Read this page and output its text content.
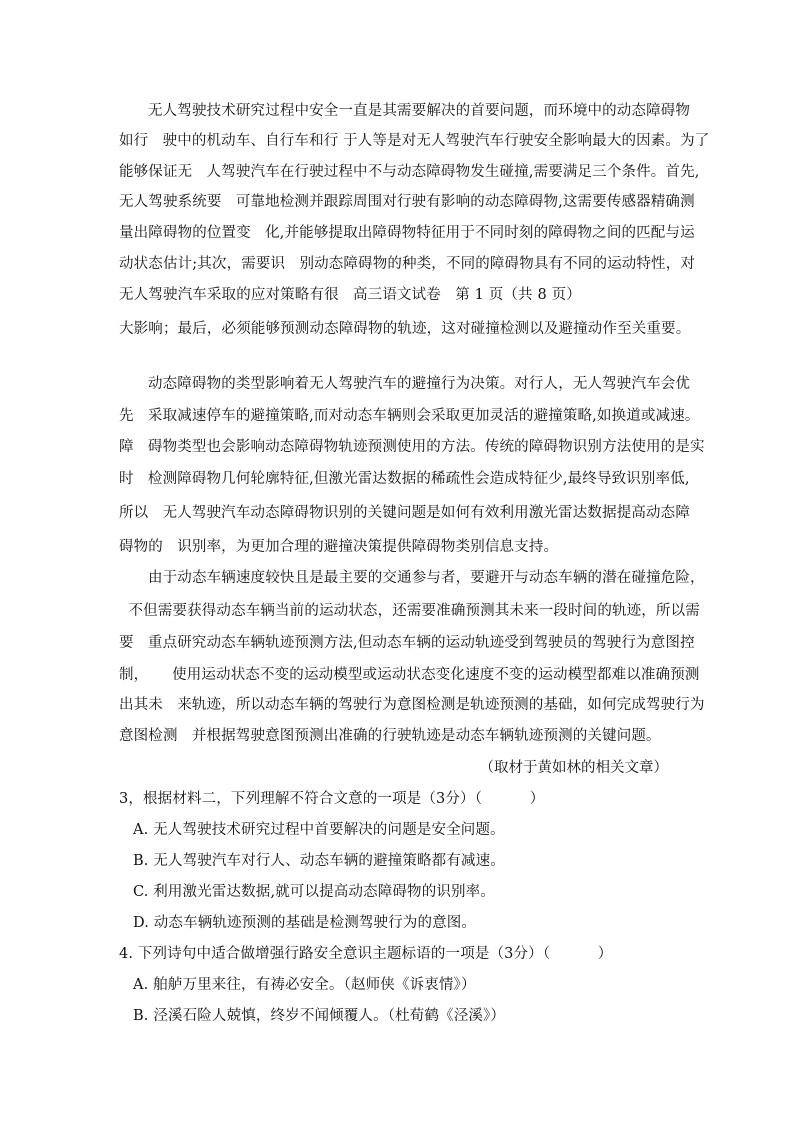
无人驾驶技术研究过程中安全一直是其需要解决的首要问题，而环境中的动态障碍物
如行   驶中的机动车、自行车和行 于人等是对无人驾驶汽车行驶安全影响最大的因素。为了
能够保证无   人驾驶汽车在行驶过程中不与动态障碍物发生碰撞,需要满足三个条件。首先,
无人驾驶系统要   可靠地检测并跟踪周围对行驶有影响的动态障碍物,这需要传感器精确测
量出障碍物的位置变   化,并能够提取出障碍物特征用于不同时刻的障碍物之间的匹配与运
动状态估计;其次，需要识   别动态障碍物的种类，不同的障碍物具有不同的运动特性，对
无人驾驶汽车采取的应对策略有很   高三语文试卷   第 1 页（共 8 页）
大影响；最后，必须能够预测动态障碍物的轨迹，这对碰撞检测以及避撞动作至关重要。
动态障碍物的类型影响着无人驾驶汽车的避撞行为决策。对行人，无人驾驶汽车会优
先   采取减速停车的避撞策略,而对动态车辆则会采取更加灵活的避撞策略,如换道或减速。
障   碍物类型也会影响动态障碍物轨迹预测使用的方法。传统的障碍物识别方法使用的是实
时   检测障碍物几何轮廓特征,但激光雷达数据的稀疏性会造成特征少,最终导致识别率低,
所以   无人驾驶汽车动态障碍物识别的关键问题是如何有效利用激光雷达数据提高动态障
碍物的   识别率，为更加合理的避撞决策提供障碍物类别信息支持。
由于动态车辆速度较快且是最主要的交通参与者，要避开与动态车辆的潜在碰撞危险，
不但需要获得动态车辆当前的运动状态，还需要准确预测其未来一段时间的轨迹，所以需
要   重点研究动态车辆轨迹预测方法,但动态车辆的运动轨迹受到驾驶员的驾驶行为意图控
制，     使用运动状态不变的运动模型或运动状态变化速度不变的运动模型都难以准确预测
出其未   来轨迹，所以动态车辆的驾驶行为意图检测是轨迹预测的基础，如何完成驾驶行为
意图检测   并根据驾驶意图预测出准确的行驶轨迹是动态车辆轨迹预测的关键问题。
（取材于黄如林的相关文章）
3，根据材料二，下列理解不符合文意的一项是（3分）（          ）
A. 无人驾驶技术研究过程中首要解决的问题是安全问题。
B. 无人驾驶汽车对行人、动态车辆的避撞策略都有减速。
C. 利用激光雷达数据,就可以提高动态障碍物的识别率。
D. 动态车辆轨迹预测的基础是检测驾驶行为的意图。
4. 下列诗句中适合做增强行路安全意识主题标语的一项是（3分）（          ）
A. 舶舻万里来往，有祷必安全。（赵师侠《诉衷情》）
B. 泾溪石险人兢慎，终岁不闻倾覆人。（杜荀鹤《泾溪》）
